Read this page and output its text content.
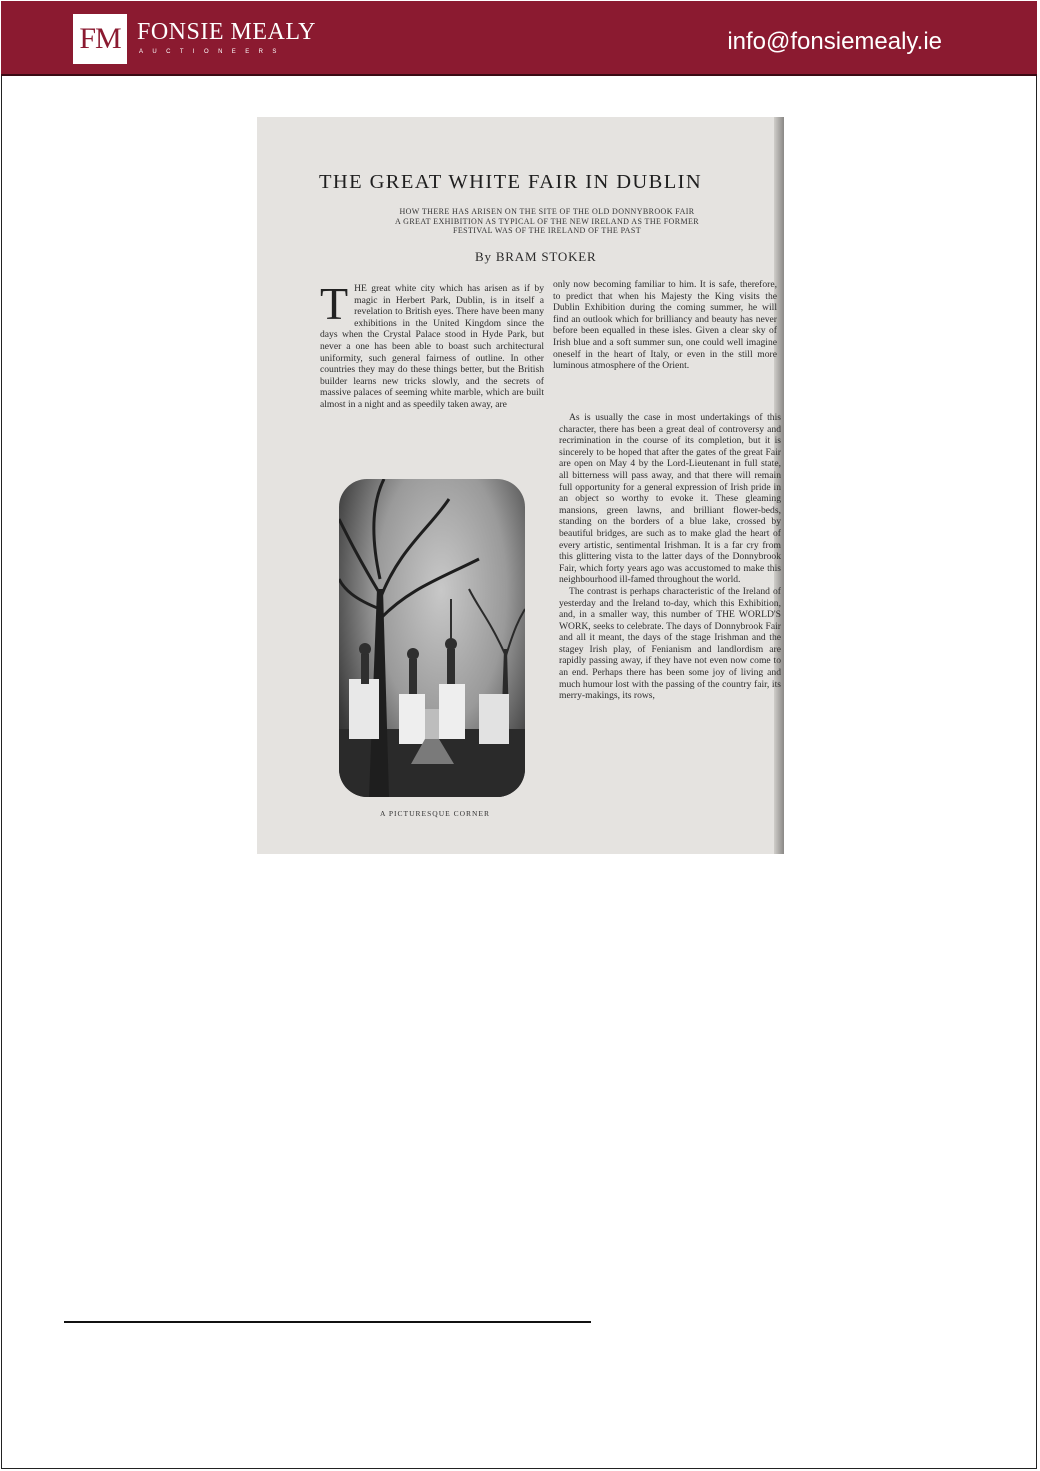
FM FONSIE MEALY
AUCTIONEERS	info@fonsiemealy.ie
THE GREAT WHITE FAIR IN DUBLIN
HOW THERE HAS ARISEN ON THE SITE OF THE OLD DONNYBROOK FAIR
A GREAT EXHIBITION AS TYPICAL OF THE NEW IRELAND AS THE FORMER
FESTIVAL WAS OF THE IRELAND OF THE PAST
By BRAM STOKER
T HE great white city which has arisen as if by magic in Herbert Park, Dublin, is in itself a revelation to British eyes. There have been many exhibitions in the United Kingdom since the days when the Crystal Palace stood in Hyde Park, but never a one has been able to boast such architectural uniformity, such general fairness of outline. In other countries they may do these things better, but the British builder learns new tricks slowly, and the secrets of massive palaces of seeming white marble, which are built almost in a night and as speedily taken away, are

only now becoming familiar to him. It is safe, therefore, to predict that when his Majesty the King visits the Dublin Exhibition during the coming summer, he will find an outlook which for brilliancy and beauty has never before been equalled in these isles. Given a clear sky of Irish blue and a soft summer sun, one could well imagine oneself in the heart of Italy, or even in the still more luminous atmosphere of the Orient.

As is usually the case in most undertakings of this character, there has been a great deal of controversy and recrimination in the course of its completion, but it is sincerely to be hoped that after the gates of the great Fair are open on May 4 by the Lord-Lieutenant in full state, all bitterness will pass away, and that there will remain full opportunity for a general expression of Irish pride in an object so worthy to evoke it. These gleaming mansions, green lawns, and brilliant flower-beds, standing on the borders of a blue lake, crossed by beautiful bridges, are such as to make glad the heart of every artistic, sentimental Irishman. It is a far cry from this glittering vista to the latter days of the Donnybrook Fair, which forty years ago was accustomed to make this neighbourhood ill-famed throughout the world.

The contrast is perhaps characteristic of the Ireland of yesterday and the Ireland to-day, which this Exhibition, and, in a smaller way, this number of THE WORLD'S WORK, seeks to celebrate. The days of Donnybrook Fair and all it meant, the days of the stage Irishman and the stagey Irish play, of Fenianism and landlordism are rapidly passing away, if they have not even now come to an end. Perhaps there has been some joy of living and much humour lost with the passing of the country fair, its merry-makings, its rows,

A PICTURESQUE CORNER
